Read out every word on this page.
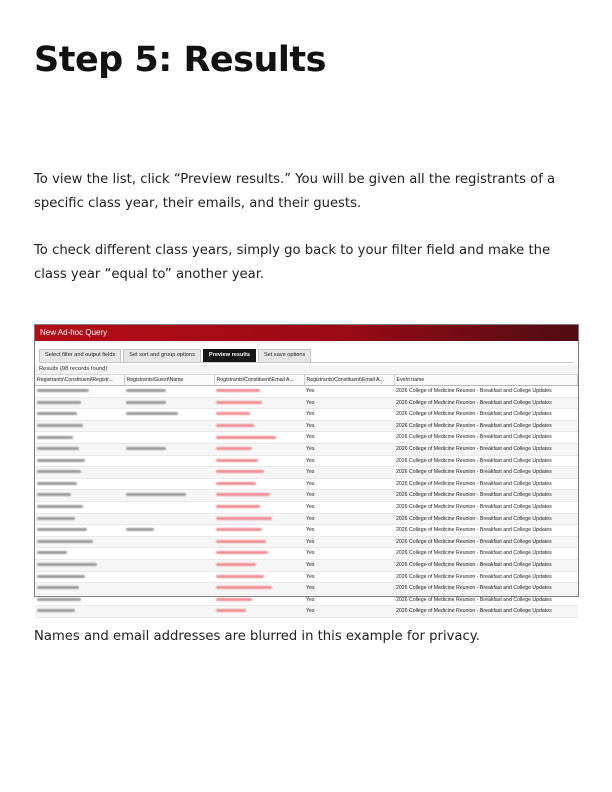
Step 5: Results

To view the list, click “Preview results.” You will be given all the registrants of a specific class year, their emails, and their guests.

To check different class years, simply go back to your filter field and make the class year “equal to” another year.

New Ad-hoc Query
Select filter and output fields	Set sort and group options	Preview results	Set save options
Results (98 records found)
Registrants\Constituent\Registr...	Registrants\Guest\Name	Registrants\Constituent\Email A...	Registrants\Constituent\Email A...	Event name
			Yes	2026 College of Medicine Reunion - Breakfast and College Updates
			Yes	2026 College of Medicine Reunion - Breakfast and College Updates
			Yes	2026 College of Medicine Reunion - Breakfast and College Updates
			Yes	2026 College of Medicine Reunion - Breakfast and College Updates
			Yes	2026 College of Medicine Reunion - Breakfast and College Updates
			Yes	2026 College of Medicine Reunion - Breakfast and College Updates
			Yes	2026 College of Medicine Reunion - Breakfast and College Updates
			Yes	2026 College of Medicine Reunion - Breakfast and College Updates
			Yes	2026 College of Medicine Reunion - Breakfast and College Updates
			Yes	2026 College of Medicine Reunion - Breakfast and College Updates
			Yes	2026 College of Medicine Reunion - Breakfast and College Updates
			Yes	2026 College of Medicine Reunion - Breakfast and College Updates
			Yes	2026 College of Medicine Reunion - Breakfast and College Updates
			Yes	2026 College of Medicine Reunion - Breakfast and College Updates
			Yes	2026 College of Medicine Reunion - Breakfast and College Updates
			Yes	2026 College of Medicine Reunion - Breakfast and College Updates
			Yes	2026 College of Medicine Reunion - Breakfast and College Updates
			Yes	2026 College of Medicine Reunion - Breakfast and College Updates
			Yes	2026 College of Medicine Reunion - Breakfast and College Updates
			Yes	2026 College of Medicine Reunion - Breakfast and College Updates

Names and email addresses are blurred in this example for privacy.
